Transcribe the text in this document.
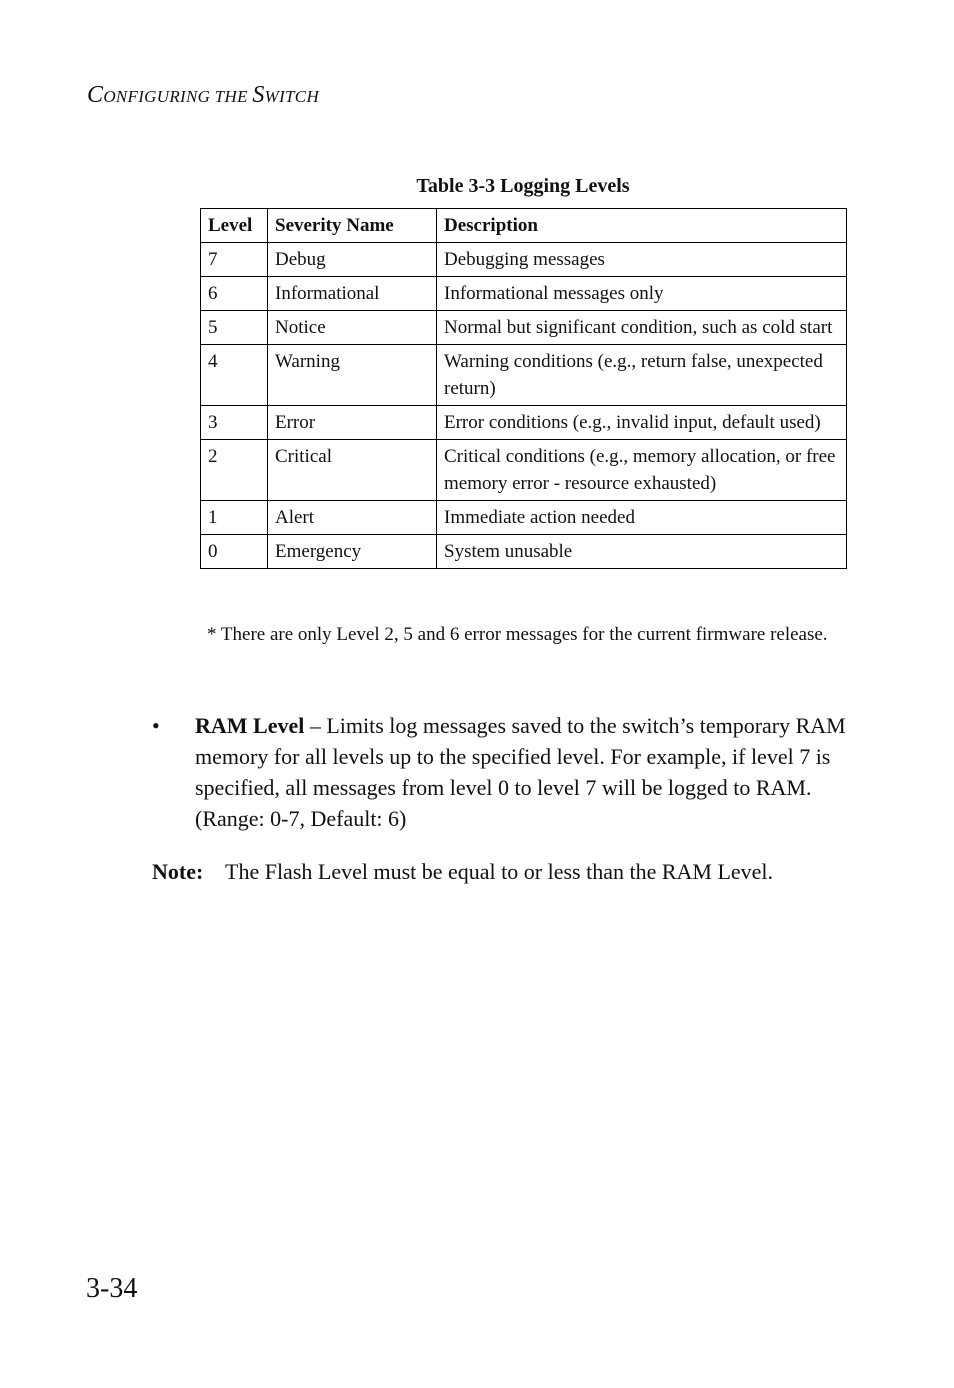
CONFIGURING THE SWITCH
Table 3-3 Logging Levels
Level	Severity Name	Description
7	Debug	Debugging messages
6	Informational	Informational messages only
5	Notice	Normal but significant condition, such as cold start
4	Warning	Warning conditions (e.g., return false, unexpected return)
3	Error	Error conditions (e.g., invalid input, default used)
2	Critical	Critical conditions (e.g., memory allocation, or free memory error - resource exhausted)
1	Alert	Immediate action needed
0	Emergency	System unusable
* There are only Level 2, 5 and 6 error messages for the current firmware release.
• RAM Level – Limits log messages saved to the switch’s temporary RAM memory for all levels up to the specified level. For example, if level 7 is specified, all messages from level 0 to level 7 will be logged to RAM. (Range: 0-7, Default: 6)
Note: The Flash Level must be equal to or less than the RAM Level.
3-34
